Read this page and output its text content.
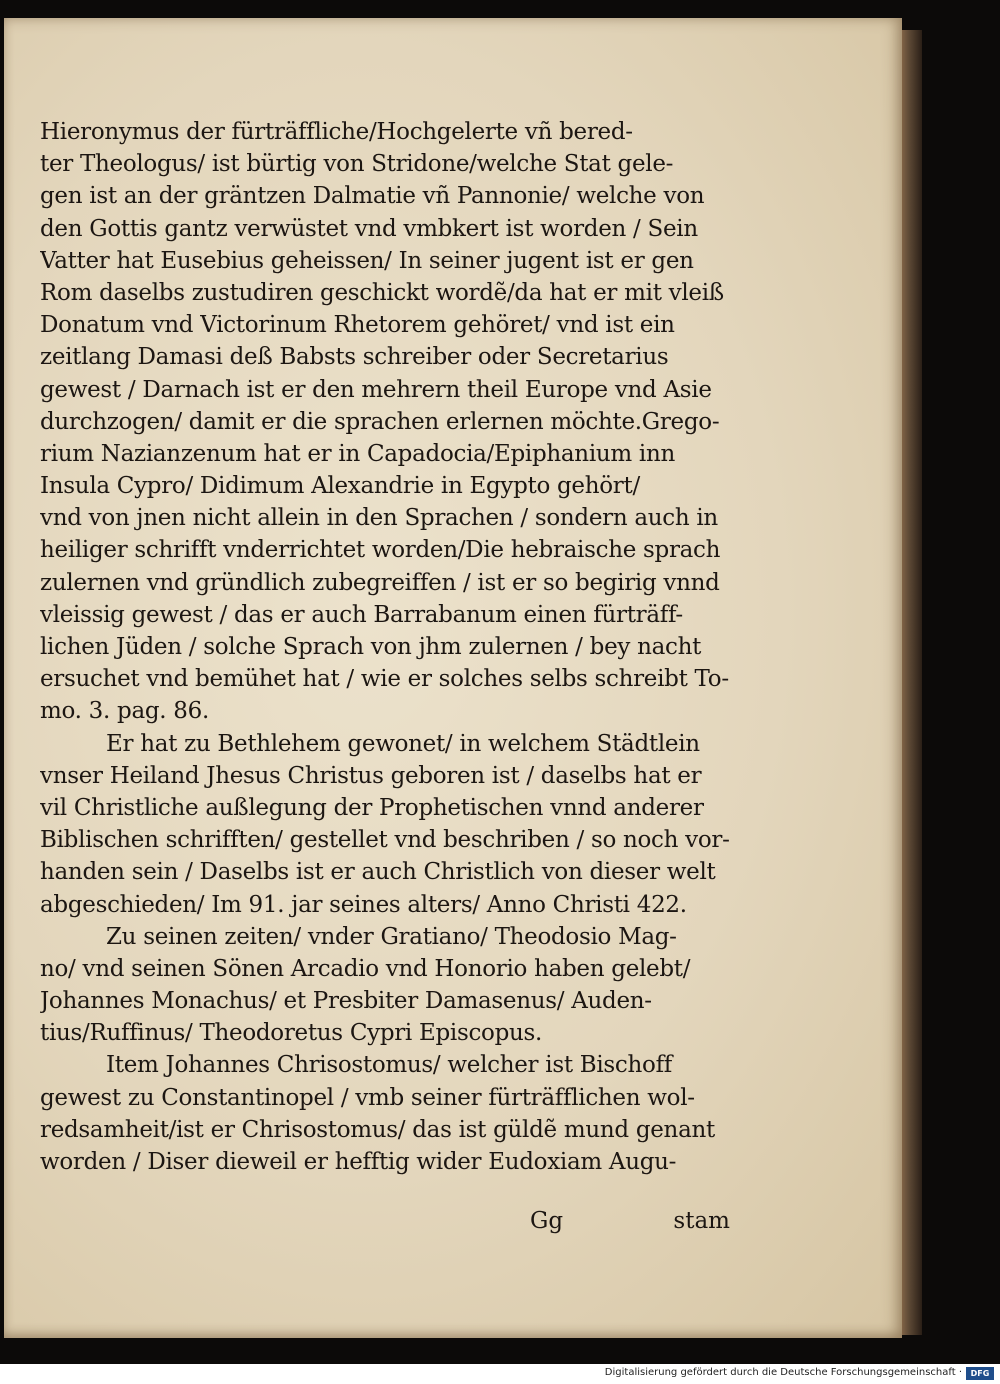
Hieronymus der fürträffliche/Hochgelerte vñ bered-
ter Theologus/ ist bürtig von Stridone/welche Stat gele-
gen ist an der gräntzen Dalmatie vñ Pannonie/ welche von
den Gottis gantz verwüstet vnd vmbkert ist worden / Sein
Vatter hat Eusebius geheissen/ In seiner jugent ist er gen
Rom daselbs zustudiren geschickt wordẽ/da hat er mit vleiß
Donatum vnd Victorinum Rhetorem gehöret/ vnd ist ein
zeitlang Damasi deß Babsts schreiber oder Secretarius
gewest / Darnach ist er den mehrern theil Europe vnd Asie
durchzogen/ damit er die sprachen erlernen möchte.Grego-
rium Nazianzenum hat er in Capadocia/Epiphanium inn
Insula Cypro/ Didimum Alexandrie in Egypto gehört/
vnd von jnen nicht allein in den Sprachen / sondern auch in
heiliger schrifft vnderrichtet worden/Die hebraische sprach
zulernen vnd gründlich zubegreiffen / ist er so begirig vnnd
vleissig gewest / das er auch Barrabanum einen fürträff-
lichen Jüden / solche Sprach von jhm zulernen / bey nacht
ersuchet vnd bemühet hat / wie er solches selbs schreibt To-
mo. 3. pag. 86.
Er hat zu Bethlehem gewonet/ in welchem Städtlein
vnser Heiland Jhesus Christus geboren ist / daselbs hat er
vil Christliche außlegung der Prophetischen vnnd anderer
Biblischen schrifften/ gestellet vnd beschriben / so noch vor-
handen sein / Daselbs ist er auch Christlich von dieser welt
abgeschieden/ Im 91. jar seines alters/ Anno Christi 422.
Zu seinen zeiten/ vnder Gratiano/ Theodosio Mag-
no/ vnd seinen Sönen Arcadio vnd Honorio haben gelebt/
Johannes Monachus/ et Presbiter Damasenus/ Auden-
tius/Ruffinus/ Theodoretus Cypri Episcopus.
Item Johannes Chrisostomus/ welcher ist Bischoff
gewest zu Constantinopel / vmb seiner fürträfflichen wol-
redsamheit/ist er Chrisostomus/ das ist güldẽ mund genant
worden / Diser dieweil er hefftig wider Eudoxiam Augu-
Gg	stam
Digitalisierung gefördert durch die Deutsche Forschungsgemeinschaft ·	DFG
